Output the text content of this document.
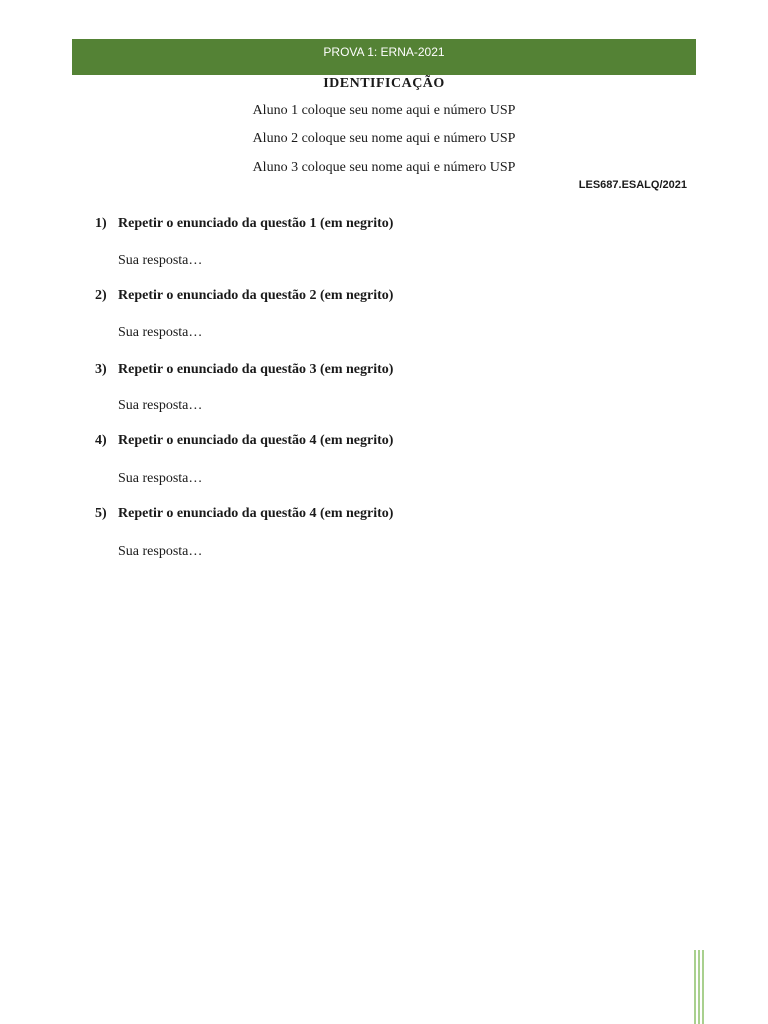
PROVA 1: ERNA-2021
IDENTIFICAÇÃO
Aluno 1 coloque seu nome aqui e número USP
Aluno 2 coloque seu nome aqui e número USP
Aluno 3 coloque seu nome aqui e número USP
LES687.ESALQ/2021
1) Repetir o enunciado da questão 1 (em negrito)
Sua resposta…
2) Repetir o enunciado da questão 2 (em negrito)
Sua resposta…
3) Repetir o enunciado da questão 3 (em negrito)
Sua resposta…
4) Repetir o enunciado da questão 4 (em negrito)
Sua resposta…
5) Repetir o enunciado da questão 4 (em negrito)
Sua resposta…
